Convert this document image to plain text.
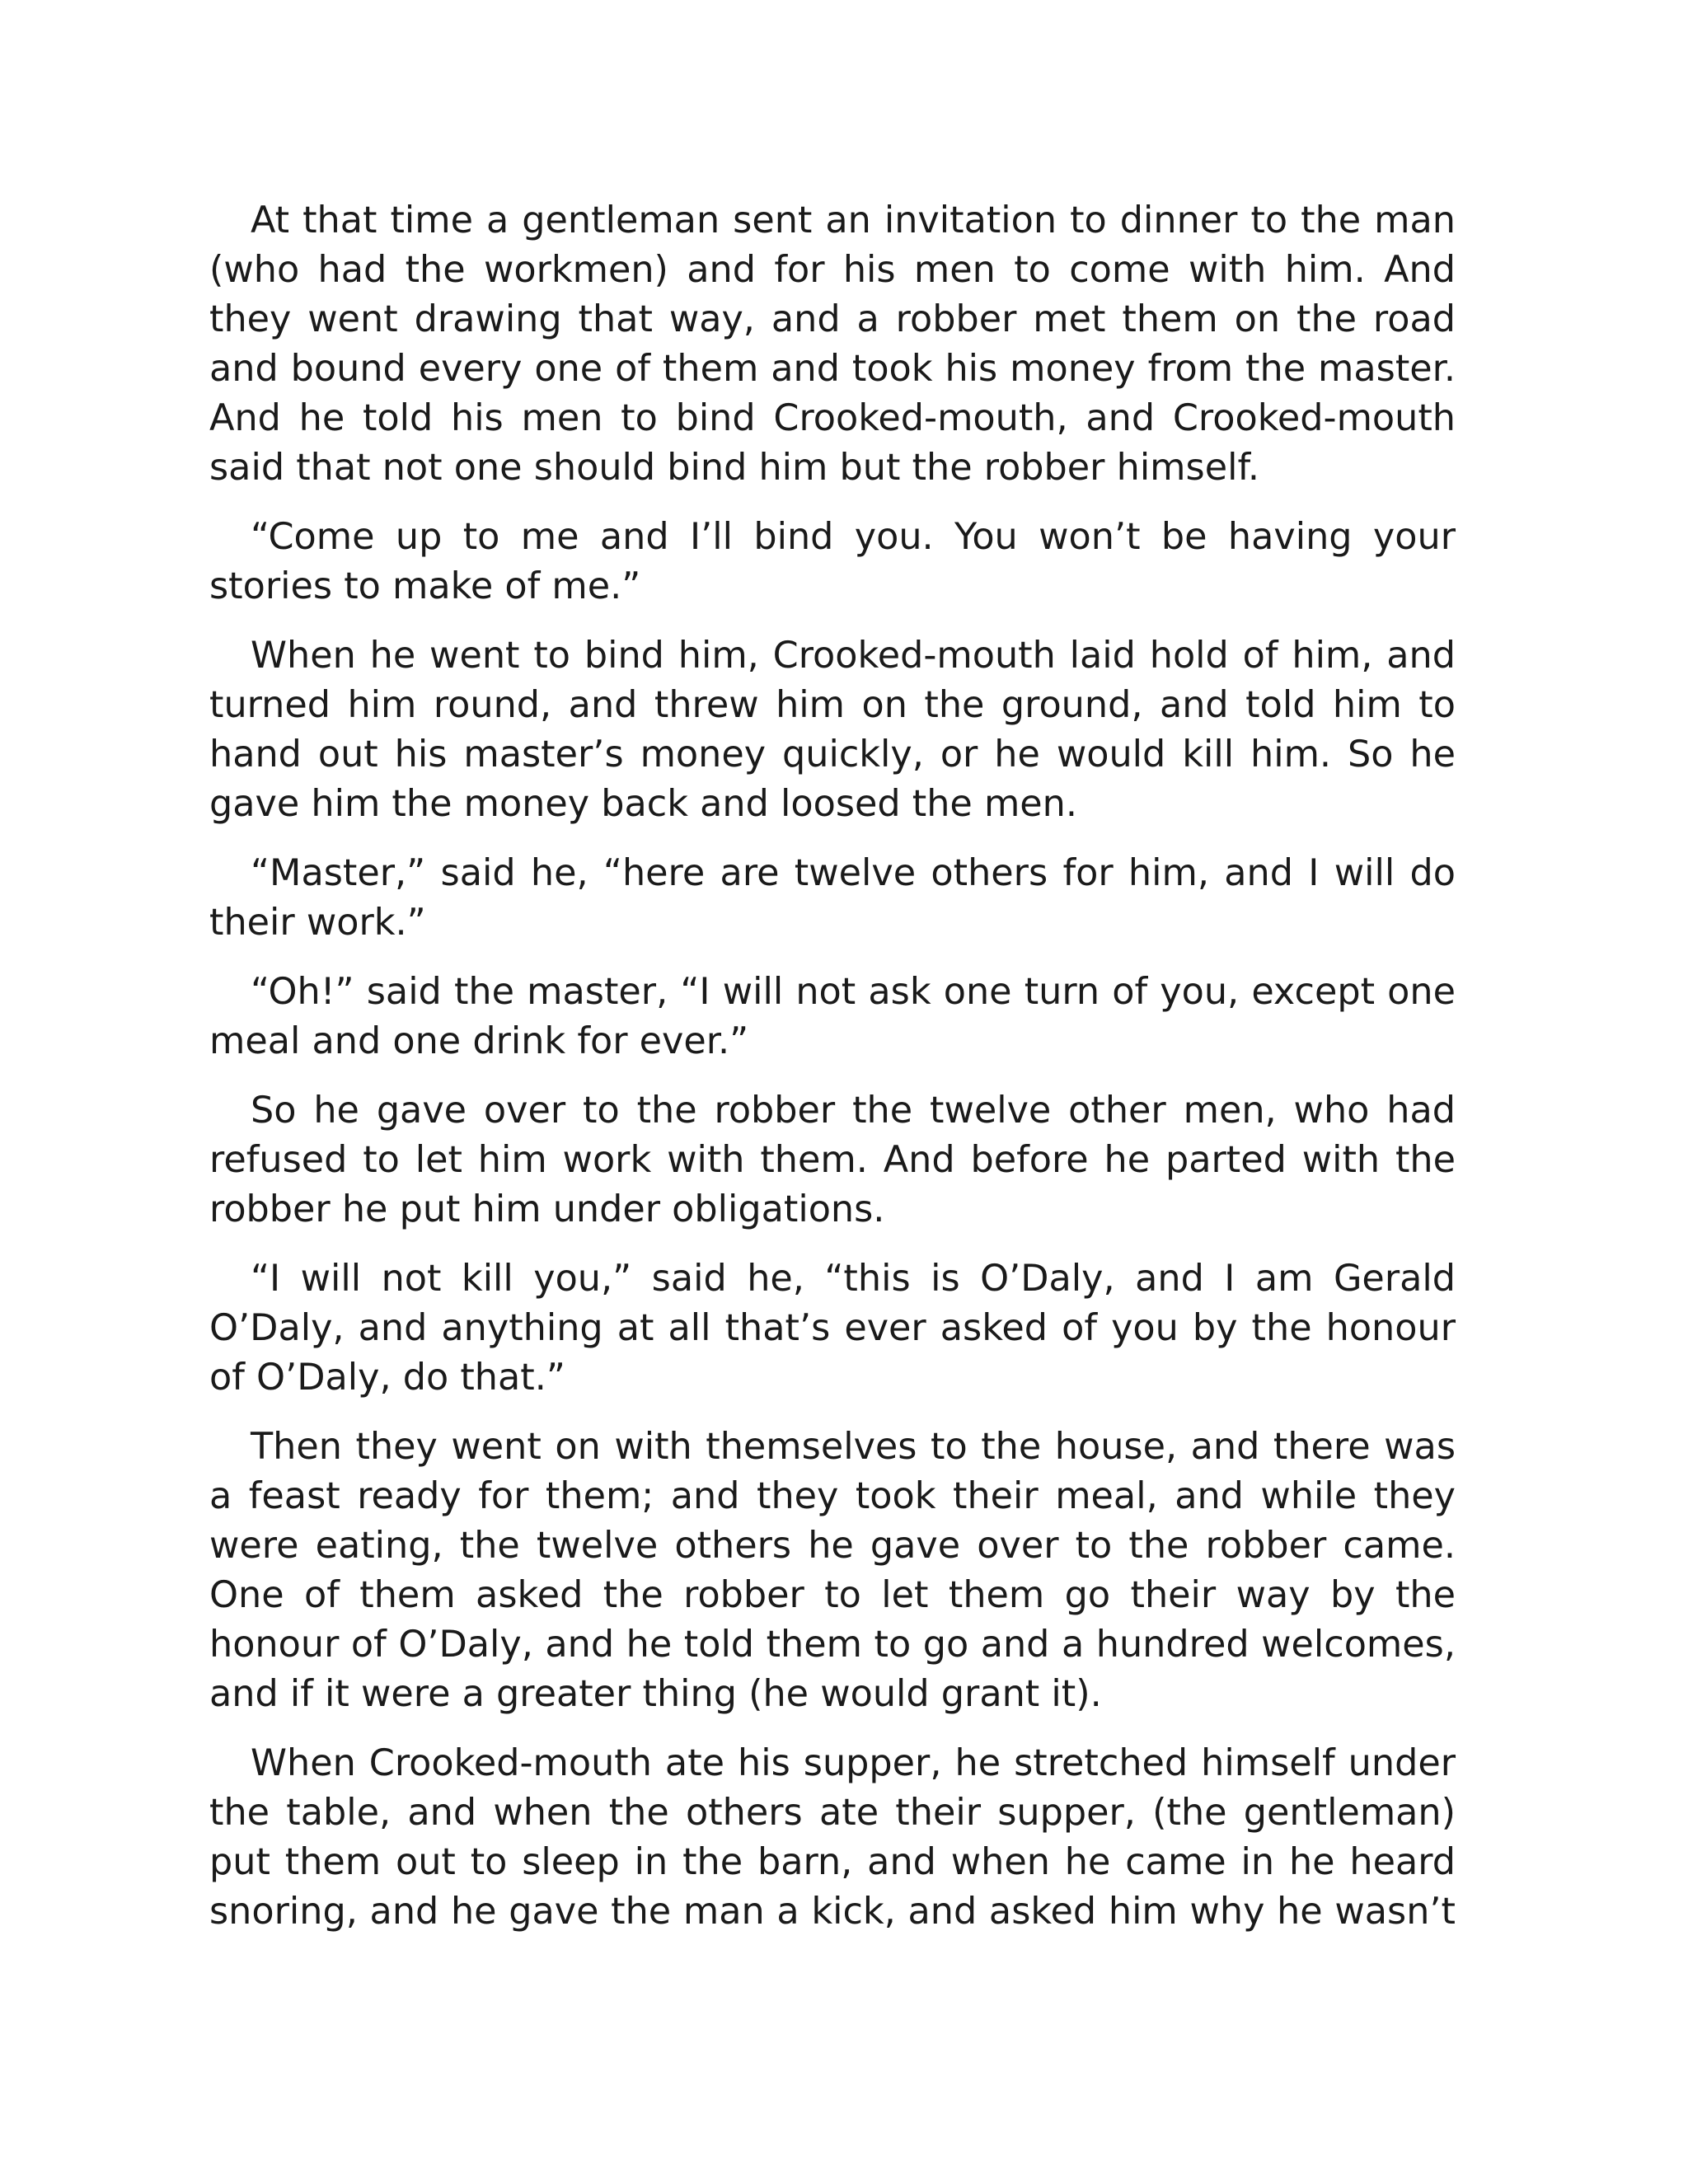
At that time a gentleman sent an invitation to dinner to the man (who had the workmen) and for his men to come with him. And they went drawing that way, and a robber met them on the road and bound every one of them and took his money from the master. And he told his men to bind Crooked-mouth, and Crooked-mouth said that not one should bind him but the robber himself.

“Come up to me and I’ll bind you. You won’t be having your stories to make of me.”

When he went to bind him, Crooked-mouth laid hold of him, and turned him round, and threw him on the ground, and told him to hand out his master’s money quickly, or he would kill him. So he gave him the money back and loosed the men.

“Master,” said he, “here are twelve others for him, and I will do their work.”

“Oh!” said the master, “I will not ask one turn of you, except one meal and one drink for ever.”

So he gave over to the robber the twelve other men, who had refused to let him work with them. And before he parted with the robber he put him under obligations.

“I will not kill you,” said he, “this is O’Daly, and I am Gerald O’Daly, and anything at all that’s ever asked of you by the honour of O’Daly, do that.”

Then they went on with themselves to the house, and there was a feast ready for them; and they took their meal, and while they were eating, the twelve others he gave over to the robber came. One of them asked the robber to let them go their way by the honour of O’Daly, and he told them to go and a hundred welcomes, and if it were a greater thing (he would grant it).

When Crooked-mouth ate his supper, he stretched himself under the table, and when the others ate their supper, (the gentleman) put them out to sleep in the barn, and when he came in he heard snoring, and he gave the man a kick, and asked him why he wasn’t
